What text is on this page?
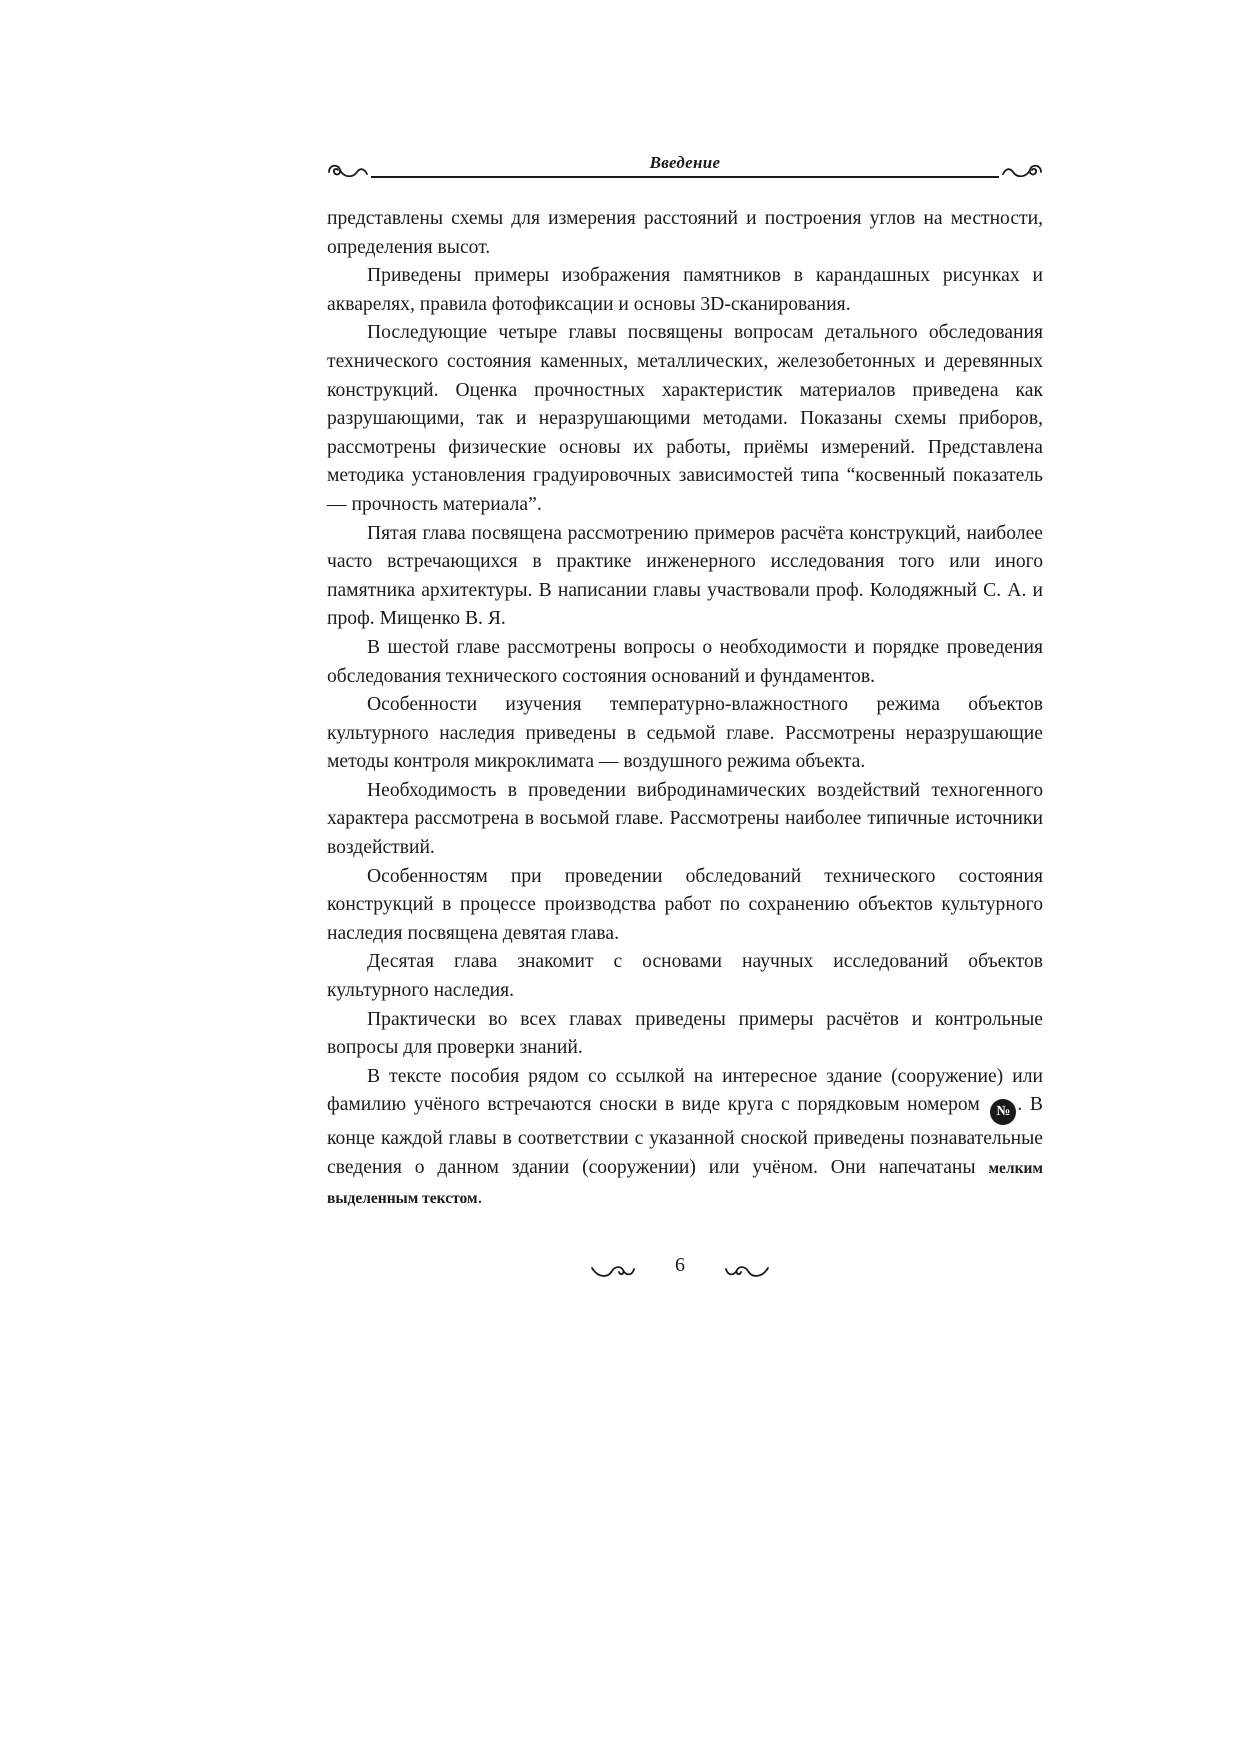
Введение

представлены схемы для измерения расстояний и построения углов на местности, определения высот.

Приведены примеры изображения памятников в карандашных рисунках и акварелях, правила фотофиксации и основы 3D-сканирования.

Последующие четыре главы посвящены вопросам детального обследования технического состояния каменных, металлических, железобетонных и деревянных конструкций. Оценка прочностных характеристик материалов приведена как разрушающими, так и неразрушающими методами. Показаны схемы приборов, рассмотрены физические основы их работы, приёмы измерений. Представлена методика установления градуировочных зависимостей типа “косвенный показатель — прочность материала”.

Пятая глава посвящена рассмотрению примеров расчёта конструкций, наиболее часто встречающихся в практике инженерного исследования того или иного памятника архитектуры. В написании главы участвовали проф. Колодяжный С. А. и проф. Мищенко В. Я.

В шестой главе рассмотрены вопросы о необходимости и порядке проведения обследования технического состояния оснований и фундаментов.

Особенности изучения температурно-влажностного режима объектов культурного наследия приведены в седьмой главе. Рассмотрены неразрушающие методы контроля микроклимата — воздушного режима объекта.

Необходимость в проведении вибродинамических воздействий техногенного характера рассмотрена в восьмой главе. Рассмотрены наиболее типичные источники воздействий.

Особенностям при проведении обследований технического состояния конструкций в процессе производства работ по сохранению объектов культурного наследия посвящена девятая глава.

Десятая глава знакомит с основами научных исследований объектов культурного наследия.

Практически во всех главах приведены примеры расчётов и контрольные вопросы для проверки знаний.

В тексте пособия рядом со ссылкой на интересное здание (сооружение) или фамилию учёного встречаются сноски в виде круга с порядковым номером № . В конце каждой главы в соответствии с указанной сноской приведены познавательные сведения о данном здании (сооружении) или учёном. Они напечатаны мелким выделенным текстом.

6
